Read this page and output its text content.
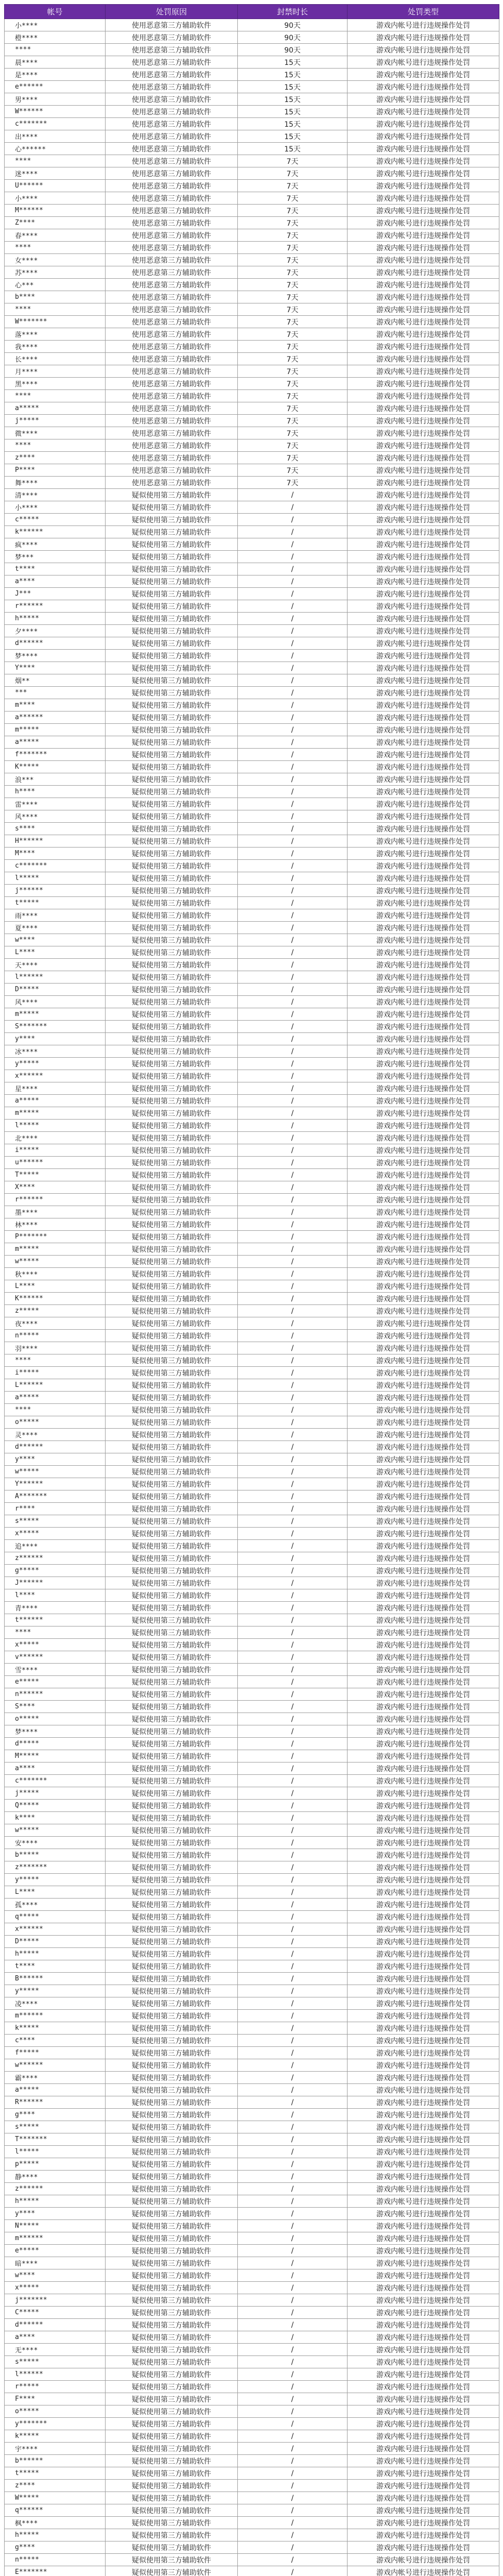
帐号	处罚原因	封禁时长	处罚类型
小****	使用恶意第三方辅助软件	90天	游戏内帐号进行违规操作处罚
橙****	使用恶意第三方辅助软件	90天	游戏内帐号进行违规操作处罚
****	使用恶意第三方辅助软件	90天	游戏内帐号进行违规操作处罚
晨****	使用恶意第三方辅助软件	15天	游戏内帐号进行违规操作处罚
是****	使用恶意第三方辅助软件	15天	游戏内帐号进行违规操作处罚
e******	使用恶意第三方辅助软件	15天	游戏内帐号进行违规操作处罚
男****	使用恶意第三方辅助软件	15天	游戏内帐号进行违规操作处罚
W******	使用恶意第三方辅助软件	15天	游戏内帐号进行违规操作处罚
c*******	使用恶意第三方辅助软件	15天	游戏内帐号进行违规操作处罚
出****	使用恶意第三方辅助软件	15天	游戏内帐号进行违规操作处罚
心******	使用恶意第三方辅助软件	15天	游戏内帐号进行违规操作处罚
****	使用恶意第三方辅助软件	7天	游戏内帐号进行违规操作处罚
迷****	使用恶意第三方辅助软件	7天	游戏内帐号进行违规操作处罚
U******	使用恶意第三方辅助软件	7天	游戏内帐号进行违规操作处罚
小****	使用恶意第三方辅助软件	7天	游戏内帐号进行违规操作处罚
M******	使用恶意第三方辅助软件	7天	游戏内帐号进行违规操作处罚
Z****	使用恶意第三方辅助软件	7天	游戏内帐号进行违规操作处罚
春****	使用恶意第三方辅助软件	7天	游戏内帐号进行违规操作处罚
****	使用恶意第三方辅助软件	7天	游戏内帐号进行违规操作处罚
女****	使用恶意第三方辅助软件	7天	游戏内帐号进行违规操作处罚
苏****	使用恶意第三方辅助软件	7天	游戏内帐号进行违规操作处罚
心***	使用恶意第三方辅助软件	7天	游戏内帐号进行违规操作处罚
b****	使用恶意第三方辅助软件	7天	游戏内帐号进行违规操作处罚
****	使用恶意第三方辅助软件	7天	游戏内帐号进行违规操作处罚
W*******	使用恶意第三方辅助软件	7天	游戏内帐号进行违规操作处罚
落****	使用恶意第三方辅助软件	7天	游戏内帐号进行违规操作处罚
我****	使用恶意第三方辅助软件	7天	游戏内帐号进行违规操作处罚
长****	使用恶意第三方辅助软件	7天	游戏内帐号进行违规操作处罚
月****	使用恶意第三方辅助软件	7天	游戏内帐号进行违规操作处罚
黑****	使用恶意第三方辅助软件	7天	游戏内帐号进行违规操作处罚
****	使用恶意第三方辅助软件	7天	游戏内帐号进行违规操作处罚
a*****	使用恶意第三方辅助软件	7天	游戏内帐号进行违规操作处罚
j*****	使用恶意第三方辅助软件	7天	游戏内帐号进行违规操作处罚
微****	使用恶意第三方辅助软件	7天	游戏内帐号进行违规操作处罚
****	使用恶意第三方辅助软件	7天	游戏内帐号进行违规操作处罚
z****	使用恶意第三方辅助软件	7天	游戏内帐号进行违规操作处罚
P****	使用恶意第三方辅助软件	7天	游戏内帐号进行违规操作处罚
舞****	使用恶意第三方辅助软件	7天	游戏内帐号进行违规操作处罚
清****	疑似使用第三方辅助软件	/	游戏内帐号进行违规操作处罚
小****	疑似使用第三方辅助软件	/	游戏内帐号进行违规操作处罚
c*****	疑似使用第三方辅助软件	/	游戏内帐号进行违规操作处罚
k******	疑似使用第三方辅助软件	/	游戏内帐号进行违规操作处罚
疯****	疑似使用第三方辅助软件	/	游戏内帐号进行违规操作处罚
梦***	疑似使用第三方辅助软件	/	游戏内帐号进行违规操作处罚
t****	疑似使用第三方辅助软件	/	游戏内帐号进行违规操作处罚
a****	疑似使用第三方辅助软件	/	游戏内帐号进行违规操作处罚
J***	疑似使用第三方辅助软件	/	游戏内帐号进行违规操作处罚
r******	疑似使用第三方辅助软件	/	游戏内帐号进行违规操作处罚
h*****	疑似使用第三方辅助软件	/	游戏内帐号进行违规操作处罚
夕****	疑似使用第三方辅助软件	/	游戏内帐号进行违规操作处罚
d******	疑似使用第三方辅助软件	/	游戏内帐号进行违规操作处罚
梦****	疑似使用第三方辅助软件	/	游戏内帐号进行违规操作处罚
Y****	疑似使用第三方辅助软件	/	游戏内帐号进行违规操作处罚
烟**	疑似使用第三方辅助软件	/	游戏内帐号进行违规操作处罚
***	疑似使用第三方辅助软件	/	游戏内帐号进行违规操作处罚
m****	疑似使用第三方辅助软件	/	游戏内帐号进行违规操作处罚
a******	疑似使用第三方辅助软件	/	游戏内帐号进行违规操作处罚
m*****	疑似使用第三方辅助软件	/	游戏内帐号进行违规操作处罚
a*****	疑似使用第三方辅助软件	/	游戏内帐号进行违规操作处罚
f*******	疑似使用第三方辅助软件	/	游戏内帐号进行违规操作处罚
K*****	疑似使用第三方辅助软件	/	游戏内帐号进行违规操作处罚
浪***	疑似使用第三方辅助软件	/	游戏内帐号进行违规操作处罚
h****	疑似使用第三方辅助软件	/	游戏内帐号进行违规操作处罚
雷****	疑似使用第三方辅助软件	/	游戏内帐号进行违规操作处罚
风****	疑似使用第三方辅助软件	/	游戏内帐号进行违规操作处罚
s****	疑似使用第三方辅助软件	/	游戏内帐号进行违规操作处罚
H******	疑似使用第三方辅助软件	/	游戏内帐号进行违规操作处罚
M****	疑似使用第三方辅助软件	/	游戏内帐号进行违规操作处罚
c*******	疑似使用第三方辅助软件	/	游戏内帐号进行违规操作处罚
l*****	疑似使用第三方辅助软件	/	游戏内帐号进行违规操作处罚
j******	疑似使用第三方辅助软件	/	游戏内帐号进行违规操作处罚
t*****	疑似使用第三方辅助软件	/	游戏内帐号进行违规操作处罚
雨****	疑似使用第三方辅助软件	/	游戏内帐号进行违规操作处罚
夏****	疑似使用第三方辅助软件	/	游戏内帐号进行违规操作处罚
w****	疑似使用第三方辅助软件	/	游戏内帐号进行违规操作处罚
L****	疑似使用第三方辅助软件	/	游戏内帐号进行违规操作处罚
天****	疑似使用第三方辅助软件	/	游戏内帐号进行违规操作处罚
l******	疑似使用第三方辅助软件	/	游戏内帐号进行违规操作处罚
D*****	疑似使用第三方辅助软件	/	游戏内帐号进行违规操作处罚
风****	疑似使用第三方辅助软件	/	游戏内帐号进行违规操作处罚
m*****	疑似使用第三方辅助软件	/	游戏内帐号进行违规操作处罚
S*******	疑似使用第三方辅助软件	/	游戏内帐号进行违规操作处罚
y****	疑似使用第三方辅助软件	/	游戏内帐号进行违规操作处罚
冰****	疑似使用第三方辅助软件	/	游戏内帐号进行违规操作处罚
y*****	疑似使用第三方辅助软件	/	游戏内帐号进行违规操作处罚
x******	疑似使用第三方辅助软件	/	游戏内帐号进行违规操作处罚
星****	疑似使用第三方辅助软件	/	游戏内帐号进行违规操作处罚
a*****	疑似使用第三方辅助软件	/	游戏内帐号进行违规操作处罚
m*****	疑似使用第三方辅助软件	/	游戏内帐号进行违规操作处罚
l*****	疑似使用第三方辅助软件	/	游戏内帐号进行违规操作处罚
北****	疑似使用第三方辅助软件	/	游戏内帐号进行违规操作处罚
i*****	疑似使用第三方辅助软件	/	游戏内帐号进行违规操作处罚
u******	疑似使用第三方辅助软件	/	游戏内帐号进行违规操作处罚
T*****	疑似使用第三方辅助软件	/	游戏内帐号进行违规操作处罚
X****	疑似使用第三方辅助软件	/	游戏内帐号进行违规操作处罚
r******	疑似使用第三方辅助软件	/	游戏内帐号进行违规操作处罚
墨****	疑似使用第三方辅助软件	/	游戏内帐号进行违规操作处罚
林****	疑似使用第三方辅助软件	/	游戏内帐号进行违规操作处罚
P*******	疑似使用第三方辅助软件	/	游戏内帐号进行违规操作处罚
m*****	疑似使用第三方辅助软件	/	游戏内帐号进行违规操作处罚
w*****	疑似使用第三方辅助软件	/	游戏内帐号进行违规操作处罚
秋****	疑似使用第三方辅助软件	/	游戏内帐号进行违规操作处罚
L****	疑似使用第三方辅助软件	/	游戏内帐号进行违规操作处罚
K******	疑似使用第三方辅助软件	/	游戏内帐号进行违规操作处罚
z*****	疑似使用第三方辅助软件	/	游戏内帐号进行违规操作处罚
夜****	疑似使用第三方辅助软件	/	游戏内帐号进行违规操作处罚
n*****	疑似使用第三方辅助软件	/	游戏内帐号进行违规操作处罚
羽****	疑似使用第三方辅助软件	/	游戏内帐号进行违规操作处罚
****	疑似使用第三方辅助软件	/	游戏内帐号进行违规操作处罚
i*****	疑似使用第三方辅助软件	/	游戏内帐号进行违规操作处罚
L******	疑似使用第三方辅助软件	/	游戏内帐号进行违规操作处罚
a*****	疑似使用第三方辅助软件	/	游戏内帐号进行违规操作处罚
****	疑似使用第三方辅助软件	/	游戏内帐号进行违规操作处罚
o*****	疑似使用第三方辅助软件	/	游戏内帐号进行违规操作处罚
灵****	疑似使用第三方辅助软件	/	游戏内帐号进行违规操作处罚
d******	疑似使用第三方辅助软件	/	游戏内帐号进行违规操作处罚
y****	疑似使用第三方辅助软件	/	游戏内帐号进行违规操作处罚
w*****	疑似使用第三方辅助软件	/	游戏内帐号进行违规操作处罚
Y******	疑似使用第三方辅助软件	/	游戏内帐号进行违规操作处罚
A*******	疑似使用第三方辅助软件	/	游戏内帐号进行违规操作处罚
r****	疑似使用第三方辅助软件	/	游戏内帐号进行违规操作处罚
s*****	疑似使用第三方辅助软件	/	游戏内帐号进行违规操作处罚
x*****	疑似使用第三方辅助软件	/	游戏内帐号进行违规操作处罚
追****	疑似使用第三方辅助软件	/	游戏内帐号进行违规操作处罚
z******	疑似使用第三方辅助软件	/	游戏内帐号进行违规操作处罚
g*****	疑似使用第三方辅助软件	/	游戏内帐号进行违规操作处罚
J******	疑似使用第三方辅助软件	/	游戏内帐号进行违规操作处罚
l****	疑似使用第三方辅助软件	/	游戏内帐号进行违规操作处罚
青****	疑似使用第三方辅助软件	/	游戏内帐号进行违规操作处罚
t******	疑似使用第三方辅助软件	/	游戏内帐号进行违规操作处罚
****	疑似使用第三方辅助软件	/	游戏内帐号进行违规操作处罚
x*****	疑似使用第三方辅助软件	/	游戏内帐号进行违规操作处罚
v******	疑似使用第三方辅助软件	/	游戏内帐号进行违规操作处罚
雪****	疑似使用第三方辅助软件	/	游戏内帐号进行违规操作处罚
e*****	疑似使用第三方辅助软件	/	游戏内帐号进行违规操作处罚
n******	疑似使用第三方辅助软件	/	游戏内帐号进行违规操作处罚
S****	疑似使用第三方辅助软件	/	游戏内帐号进行违规操作处罚
o*****	疑似使用第三方辅助软件	/	游戏内帐号进行违规操作处罚
梦****	疑似使用第三方辅助软件	/	游戏内帐号进行违规操作处罚
d*****	疑似使用第三方辅助软件	/	游戏内帐号进行违规操作处罚
M*****	疑似使用第三方辅助软件	/	游戏内帐号进行违规操作处罚
a****	疑似使用第三方辅助软件	/	游戏内帐号进行违规操作处罚
c*******	疑似使用第三方辅助软件	/	游戏内帐号进行违规操作处罚
j*****	疑似使用第三方辅助软件	/	游戏内帐号进行违规操作处罚
Q*****	疑似使用第三方辅助软件	/	游戏内帐号进行违规操作处罚
k****	疑似使用第三方辅助软件	/	游戏内帐号进行违规操作处罚
w*****	疑似使用第三方辅助软件	/	游戏内帐号进行违规操作处罚
安****	疑似使用第三方辅助软件	/	游戏内帐号进行违规操作处罚
b*****	疑似使用第三方辅助软件	/	游戏内帐号进行违规操作处罚
z*******	疑似使用第三方辅助软件	/	游戏内帐号进行违规操作处罚
y*****	疑似使用第三方辅助软件	/	游戏内帐号进行违规操作处罚
L****	疑似使用第三方辅助软件	/	游戏内帐号进行违规操作处罚
孤****	疑似使用第三方辅助软件	/	游戏内帐号进行违规操作处罚
q*****	疑似使用第三方辅助软件	/	游戏内帐号进行违规操作处罚
x******	疑似使用第三方辅助软件	/	游戏内帐号进行违规操作处罚
D*****	疑似使用第三方辅助软件	/	游戏内帐号进行违规操作处罚
h*****	疑似使用第三方辅助软件	/	游戏内帐号进行违规操作处罚
t****	疑似使用第三方辅助软件	/	游戏内帐号进行违规操作处罚
B******	疑似使用第三方辅助软件	/	游戏内帐号进行违规操作处罚
y*****	疑似使用第三方辅助软件	/	游戏内帐号进行违规操作处罚
凌****	疑似使用第三方辅助软件	/	游戏内帐号进行违规操作处罚
m******	疑似使用第三方辅助软件	/	游戏内帐号进行违规操作处罚
k*****	疑似使用第三方辅助软件	/	游戏内帐号进行违规操作处罚
c****	疑似使用第三方辅助软件	/	游戏内帐号进行违规操作处罚
f*****	疑似使用第三方辅助软件	/	游戏内帐号进行违规操作处罚
w******	疑似使用第三方辅助软件	/	游戏内帐号进行违规操作处罚
霸****	疑似使用第三方辅助软件	/	游戏内帐号进行违规操作处罚
a*****	疑似使用第三方辅助软件	/	游戏内帐号进行违规操作处罚
R******	疑似使用第三方辅助软件	/	游戏内帐号进行违规操作处罚
g****	疑似使用第三方辅助软件	/	游戏内帐号进行违规操作处罚
s*****	疑似使用第三方辅助软件	/	游戏内帐号进行违规操作处罚
T*******	疑似使用第三方辅助软件	/	游戏内帐号进行违规操作处罚
l*****	疑似使用第三方辅助软件	/	游戏内帐号进行违规操作处罚
p*****	疑似使用第三方辅助软件	/	游戏内帐号进行违规操作处罚
静****	疑似使用第三方辅助软件	/	游戏内帐号进行违规操作处罚
z******	疑似使用第三方辅助软件	/	游戏内帐号进行违规操作处罚
h*****	疑似使用第三方辅助软件	/	游戏内帐号进行违规操作处罚
y****	疑似使用第三方辅助软件	/	游戏内帐号进行违规操作处罚
N*****	疑似使用第三方辅助软件	/	游戏内帐号进行违规操作处罚
m******	疑似使用第三方辅助软件	/	游戏内帐号进行违规操作处罚
e*****	疑似使用第三方辅助软件	/	游戏内帐号进行违规操作处罚
暗****	疑似使用第三方辅助软件	/	游戏内帐号进行违规操作处罚
w****	疑似使用第三方辅助软件	/	游戏内帐号进行违规操作处罚
x*****	疑似使用第三方辅助软件	/	游戏内帐号进行违规操作处罚
j*******	疑似使用第三方辅助软件	/	游戏内帐号进行违规操作处罚
C*****	疑似使用第三方辅助软件	/	游戏内帐号进行违规操作处罚
d******	疑似使用第三方辅助软件	/	游戏内帐号进行违规操作处罚
a****	疑似使用第三方辅助软件	/	游戏内帐号进行违规操作处罚
无****	疑似使用第三方辅助软件	/	游戏内帐号进行违规操作处罚
s*****	疑似使用第三方辅助软件	/	游戏内帐号进行违规操作处罚
l******	疑似使用第三方辅助软件	/	游戏内帐号进行违规操作处罚
r*****	疑似使用第三方辅助软件	/	游戏内帐号进行违规操作处罚
F****	疑似使用第三方辅助软件	/	游戏内帐号进行违规操作处罚
o*****	疑似使用第三方辅助软件	/	游戏内帐号进行违规操作处罚
y*******	疑似使用第三方辅助软件	/	游戏内帐号进行违规操作处罚
k*****	疑似使用第三方辅助软件	/	游戏内帐号进行违规操作处罚
宇****	疑似使用第三方辅助软件	/	游戏内帐号进行违规操作处罚
b******	疑似使用第三方辅助软件	/	游戏内帐号进行违规操作处罚
t*****	疑似使用第三方辅助软件	/	游戏内帐号进行违规操作处罚
z****	疑似使用第三方辅助软件	/	游戏内帐号进行违规操作处罚
W*****	疑似使用第三方辅助软件	/	游戏内帐号进行违规操作处罚
q******	疑似使用第三方辅助软件	/	游戏内帐号进行违规操作处罚
枫****	疑似使用第三方辅助软件	/	游戏内帐号进行违规操作处罚
h*****	疑似使用第三方辅助软件	/	游戏内帐号进行违规操作处罚
g****	疑似使用第三方辅助软件	/	游戏内帐号进行违规操作处罚
n*****	疑似使用第三方辅助软件	/	游戏内帐号进行违规操作处罚
E*******	疑似使用第三方辅助软件	/	游戏内帐号进行违规操作处罚
